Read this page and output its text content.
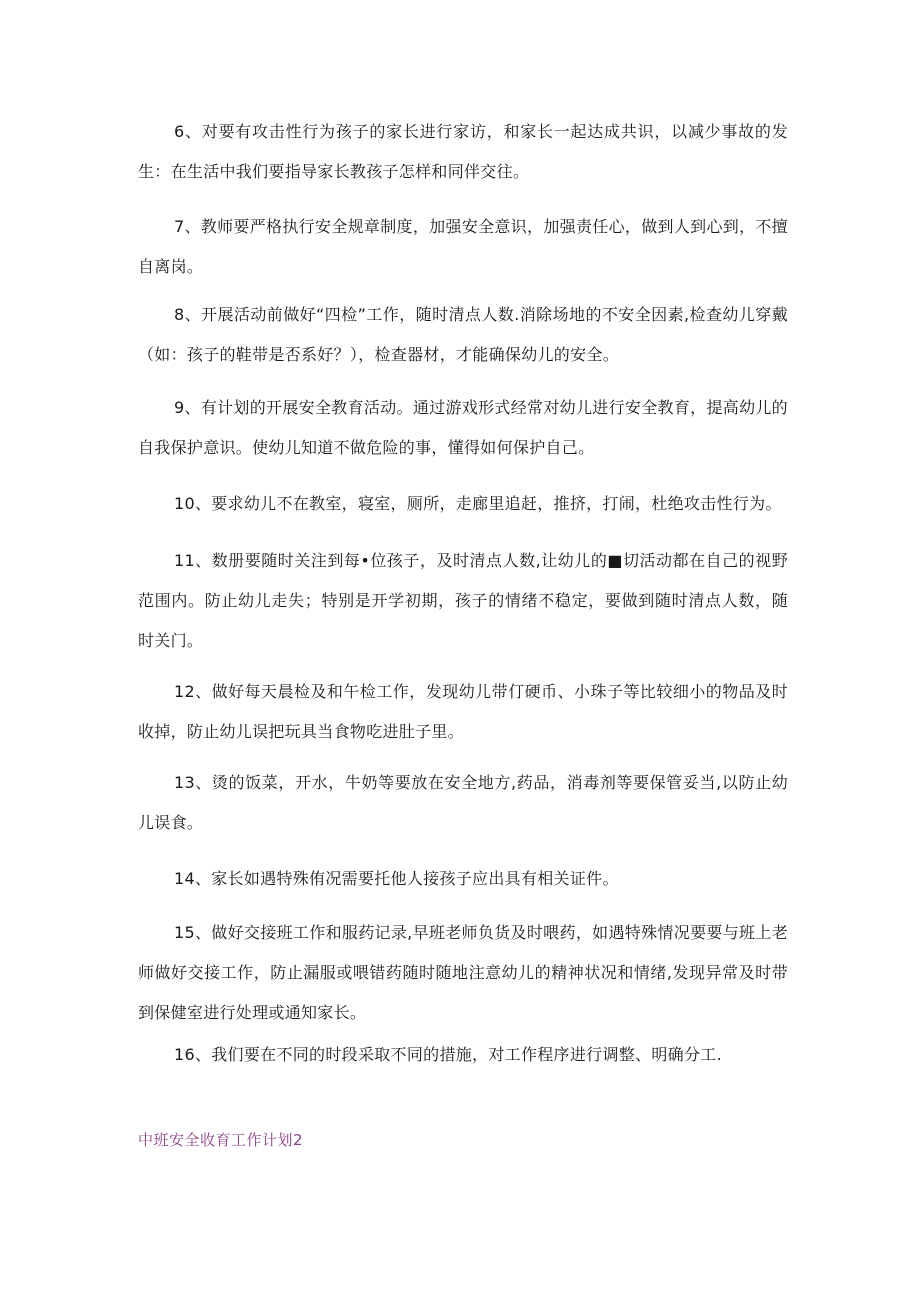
6、对要有攻击性行为孩子的家长进行家访，和家长一起达成共识，以减少事故的发生：在生活中我们要指导家长教孩子怎样和同伴交往。

7、教师要严格执行安全规章制度，加强安全意识，加强责任心，做到人到心到，不擅自离岗。

8、开展活动前做好“四检”工作，随时清点人数.消除场地的不安全因素,检查幼儿穿戴（如：孩子的鞋带是否系好？），检查器材，才能确保幼儿的安全。

9、有计划的开展安全教育活动。通过游戏形式经常对幼儿进行安全教育，提高幼儿的自我保护意识。使幼儿知道不做危险的事，懂得如何保护自己。

10、要求幼儿不在教室，寝室，厕所，走廊里追赶，推挤，打闹，杜绝攻击性行为。

11、数册要随时关注到每•位孩子，及时清点人数,让幼儿的■切活动都在自己的视野范围内。防止幼儿走失；特别是开学初期，孩子的情绪不稳定，要做到随时清点人数，随时关门。

12、做好每天晨检及和午检工作，发现幼儿带仃硬币、小珠子等比较细小的物品及时收掉，防止幼儿误把玩具当食物吃进肚子里。

13、烫的饭菜，开水，牛奶等要放在安全地方,药品，消毒剂等要保管妥当,以防止幼儿误食。

14、家长如遇特殊侑况需要托他人接孩子应出具有相关证件。

15、做好交接班工作和服药记录,早班老师负货及时喂药，如遇特殊情况要要与班上老师做好交接工作，防止漏服或喂错药随时随地注意幼儿的精神状况和情绪,发现异常及时带到保健室进行处理或通知家长。

16、我们要在不同的时段采取不同的措施，对工作程序进行调整、明确分工.

中班安全收育工作计划2
